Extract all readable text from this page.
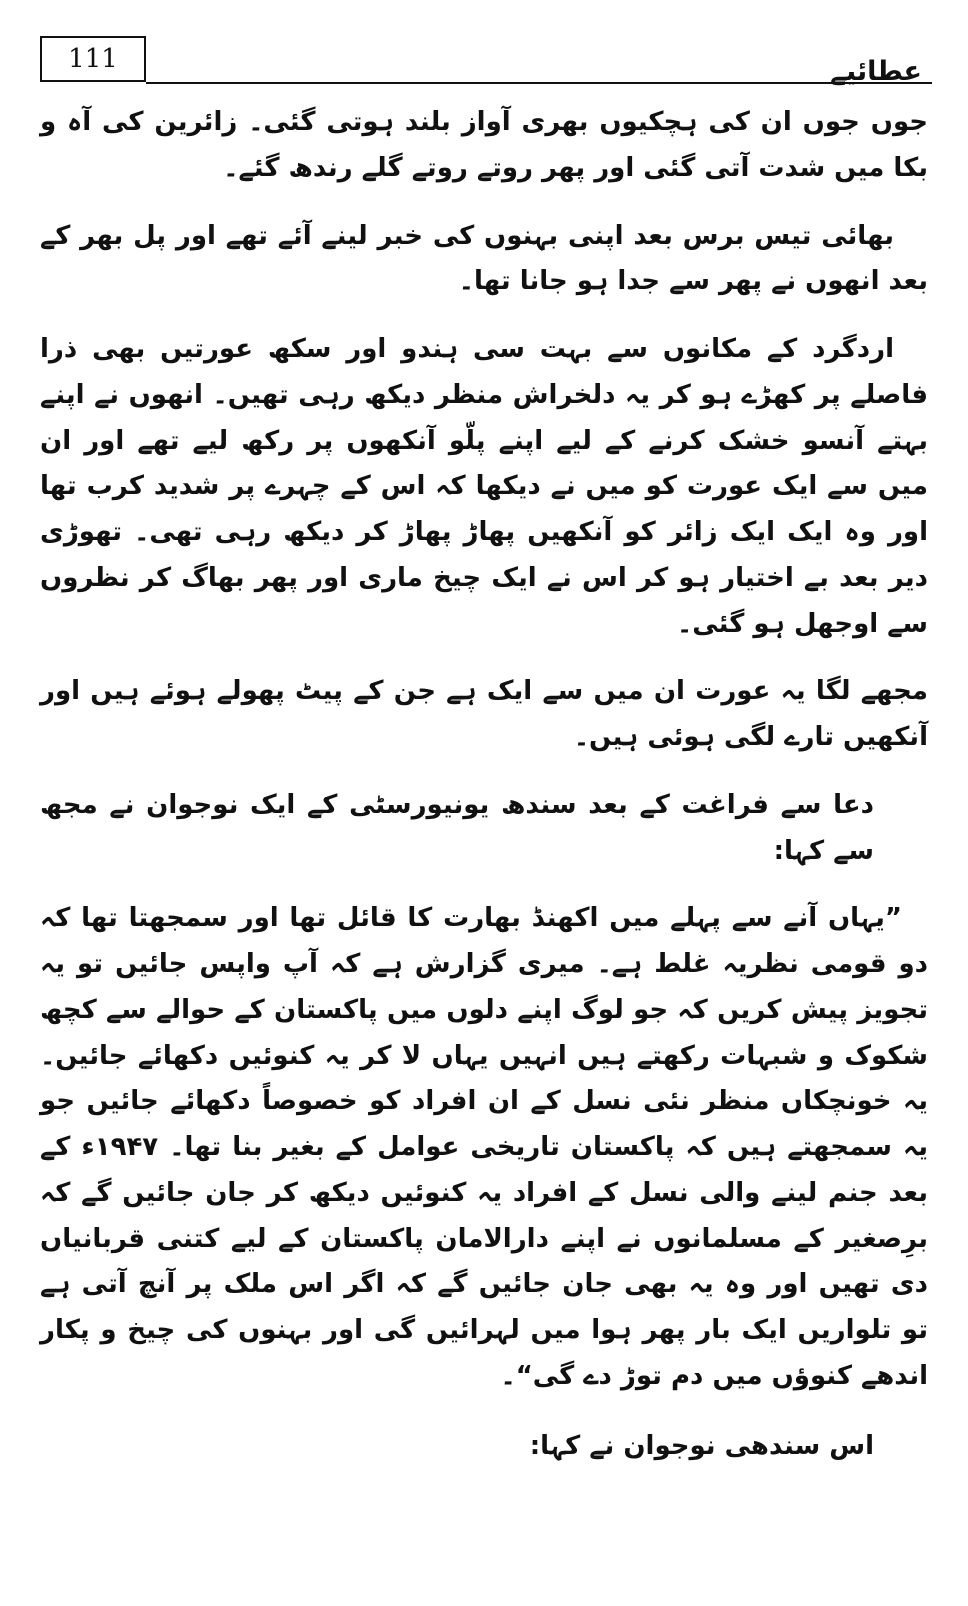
111	عطائیے

جوں جوں ان کی ہچکیوں بھری آواز بلند ہوتی گئی۔ زائرین کی آہ و بکا میں شدت آتی گئی اور پھر روتے روتے گلے رندھ گئے۔

بھائی تیس برس بعد اپنی بہنوں کی خبر لینے آئے تھے اور پل بھر کے بعد انھوں نے پھر سے جدا ہو جانا تھا۔

اردگرد کے مکانوں سے بہت سی ہندو اور سکھ عورتیں بھی ذرا فاصلے پر کھڑے ہو کر یہ دلخراش منظر دیکھ رہی تھیں۔ انھوں نے اپنے بہتے آنسو خشک کرنے کے لیے اپنے پلّو آنکھوں پر رکھ لیے تھے اور ان میں سے ایک عورت کو میں نے دیکھا کہ اس کے چہرے پر شدید کرب تھا اور وہ ایک ایک زائر کو آنکھیں پھاڑ پھاڑ کر دیکھ رہی تھی۔ تھوڑی دیر بعد بے اختیار ہو کر اس نے ایک چیخ ماری اور پھر بھاگ کر نظروں سے اوجھل ہو گئی۔

مجھے لگا یہ عورت ان میں سے ایک ہے جن کے پیٹ پھولے ہوئے ہیں اور آنکھیں تارے لگی ہوئی ہیں۔

دعا سے فراغت کے بعد سندھ یونیورسٹی کے ایک نوجوان نے مجھ سے کہا:

”یہاں آنے سے پہلے میں اکھنڈ بھارت کا قائل تھا اور سمجھتا تھا کہ دو قومی نظریہ غلط ہے۔ میری گزارش ہے کہ آپ واپس جائیں تو یہ تجویز پیش کریں کہ جو لوگ اپنے دلوں میں پاکستان کے حوالے سے کچھ شکوک و شبہات رکھتے ہیں انہیں یہاں لا کر یہ کنوئیں دکھائے جائیں۔ یہ خونچکاں منظر نئی نسل کے ان افراد کو خصوصاً دکھائے جائیں جو یہ سمجھتے ہیں کہ پاکستان تاریخی عوامل کے بغیر بنا تھا۔ ۱۹۴۷ء کے بعد جنم لینے والی نسل کے افراد یہ کنوئیں دیکھ کر جان جائیں گے کہ برِصغیر کے مسلمانوں نے اپنے دارالامان پاکستان کے لیے کتنی قربانیاں دی تھیں اور وہ یہ بھی جان جائیں گے کہ اگر اس ملک پر آنچ آتی ہے تو تلواریں ایک بار پھر ہوا میں لہرائیں گی اور بہنوں کی چیخ و پکار اندھے کنوؤں میں دم توڑ دے گی“۔

اس سندھی نوجوان نے کہا:
